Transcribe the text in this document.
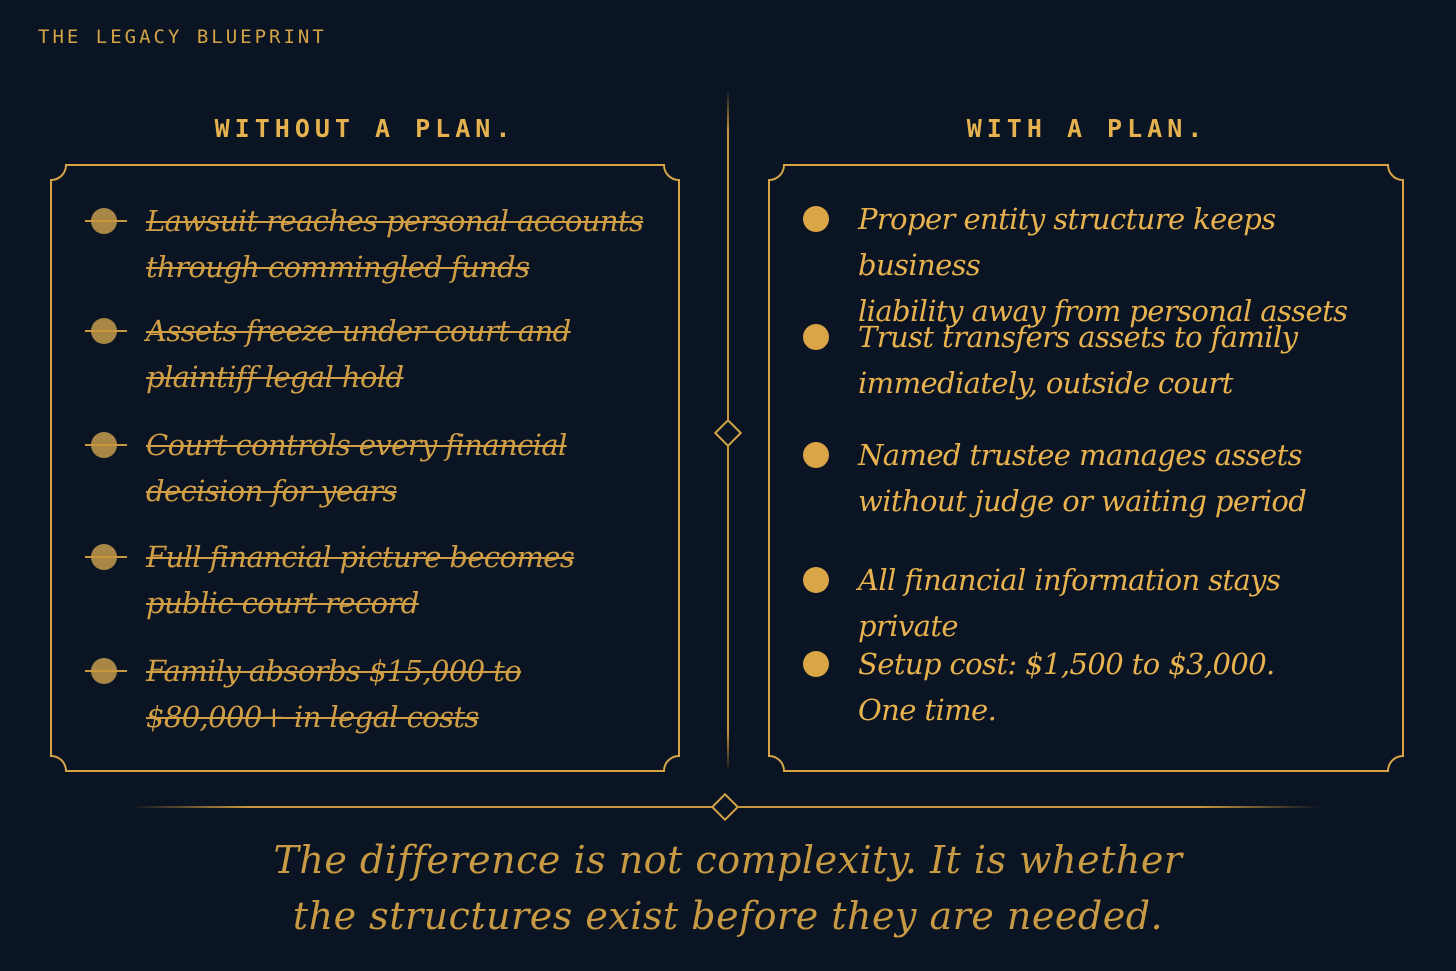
THE LEGACY BLUEPRINT
WITHOUT A PLAN.	WITH A PLAN.
Lawsuit reaches personal accounts
through commingled funds
Assets freeze under court and
plaintiff legal hold
Court controls every financial
decision for years
Full financial picture becomes
public court record
Family absorbs $15,000 to
$80,000+ in legal costs
Proper entity structure keeps business
liability away from personal assets
Trust transfers assets to family
immediately, outside court
Named trustee manages assets
without judge or waiting period
All financial information stays private
Setup cost: $1,500 to $3,000.
One time.
The difference is not complexity. It is whether
the structures exist before they are needed.
